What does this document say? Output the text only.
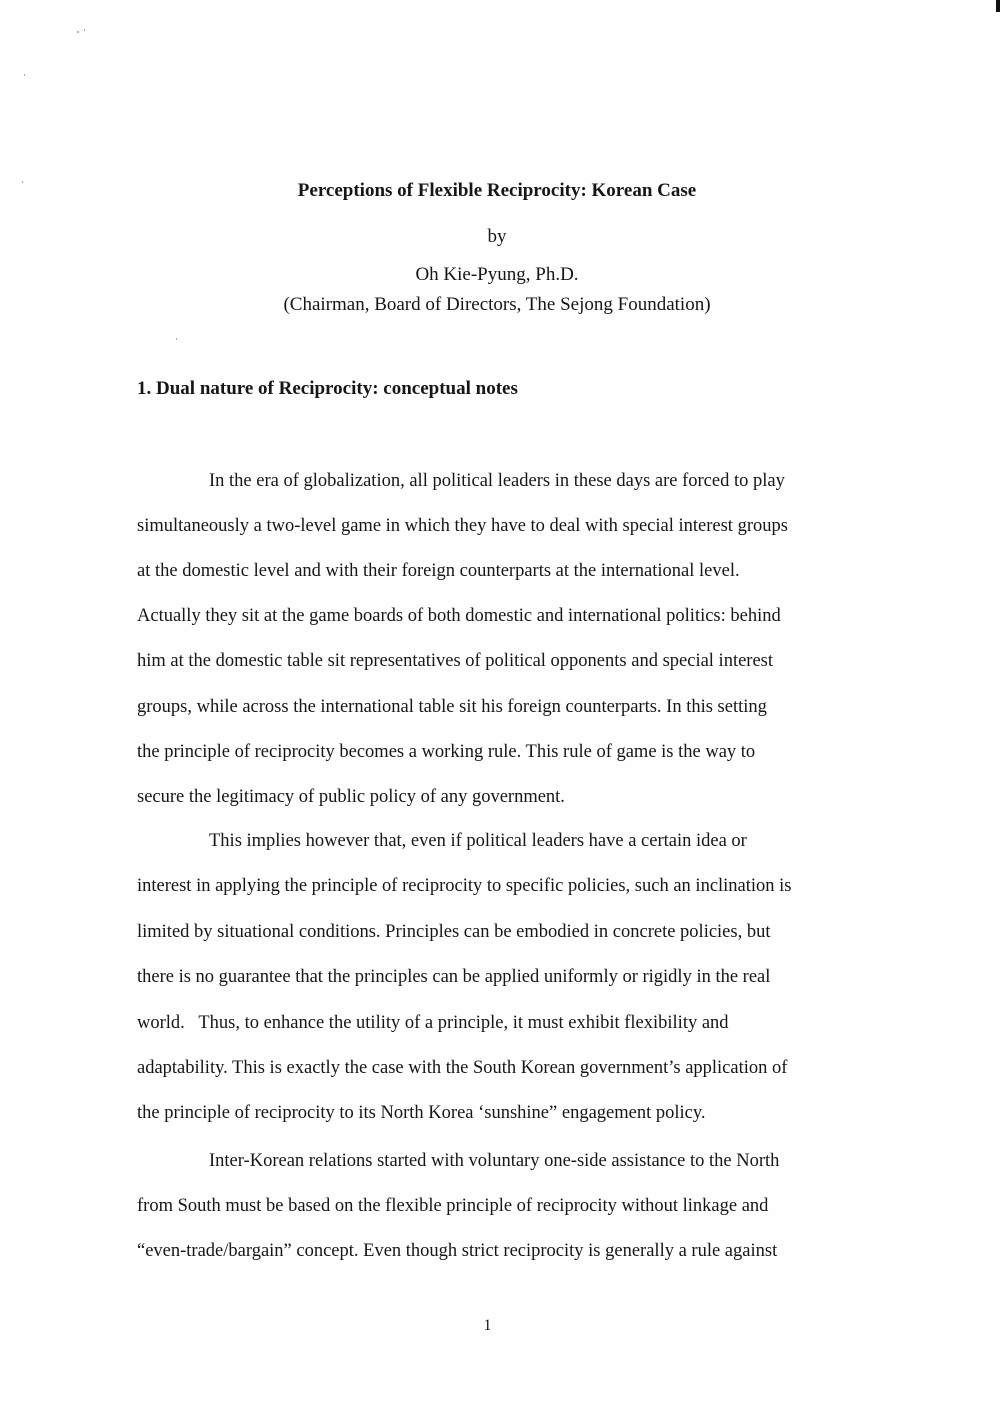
Perceptions of Flexible Reciprocity: Korean Case
by
Oh Kie-Pyung, Ph.D.
(Chairman, Board of Directors, The Sejong Foundation)
1. Dual nature of Reciprocity: conceptual notes
In the era of globalization, all political leaders in these days are forced to play
simultaneously a two-level game in which they have to deal with special interest groups
at the domestic level and with their foreign counterparts at the international level.
Actually they sit at the game boards of both domestic and international politics: behind
him at the domestic table sit representatives of political opponents and special interest
groups, while across the international table sit his foreign counterparts. In this setting
the principle of reciprocity becomes a working rule. This rule of game is the way to
secure the legitimacy of public policy of any government.
This implies however that, even if political leaders have a certain idea or
interest in applying the principle of reciprocity to specific policies, such an inclination is
limited by situational conditions. Principles can be embodied in concrete policies, but
there is no guarantee that the principles can be applied uniformly or rigidly in the real
world.   Thus, to enhance the utility of a principle, it must exhibit flexibility and
adaptability. This is exactly the case with the South Korean government’s application of
the principle of reciprocity to its North Korea ‘sunshine” engagement policy.
Inter-Korean relations started with voluntary one-side assistance to the North
from South must be based on the flexible principle of reciprocity without linkage and
“even-trade/bargain” concept. Even though strict reciprocity is generally a rule against
1
